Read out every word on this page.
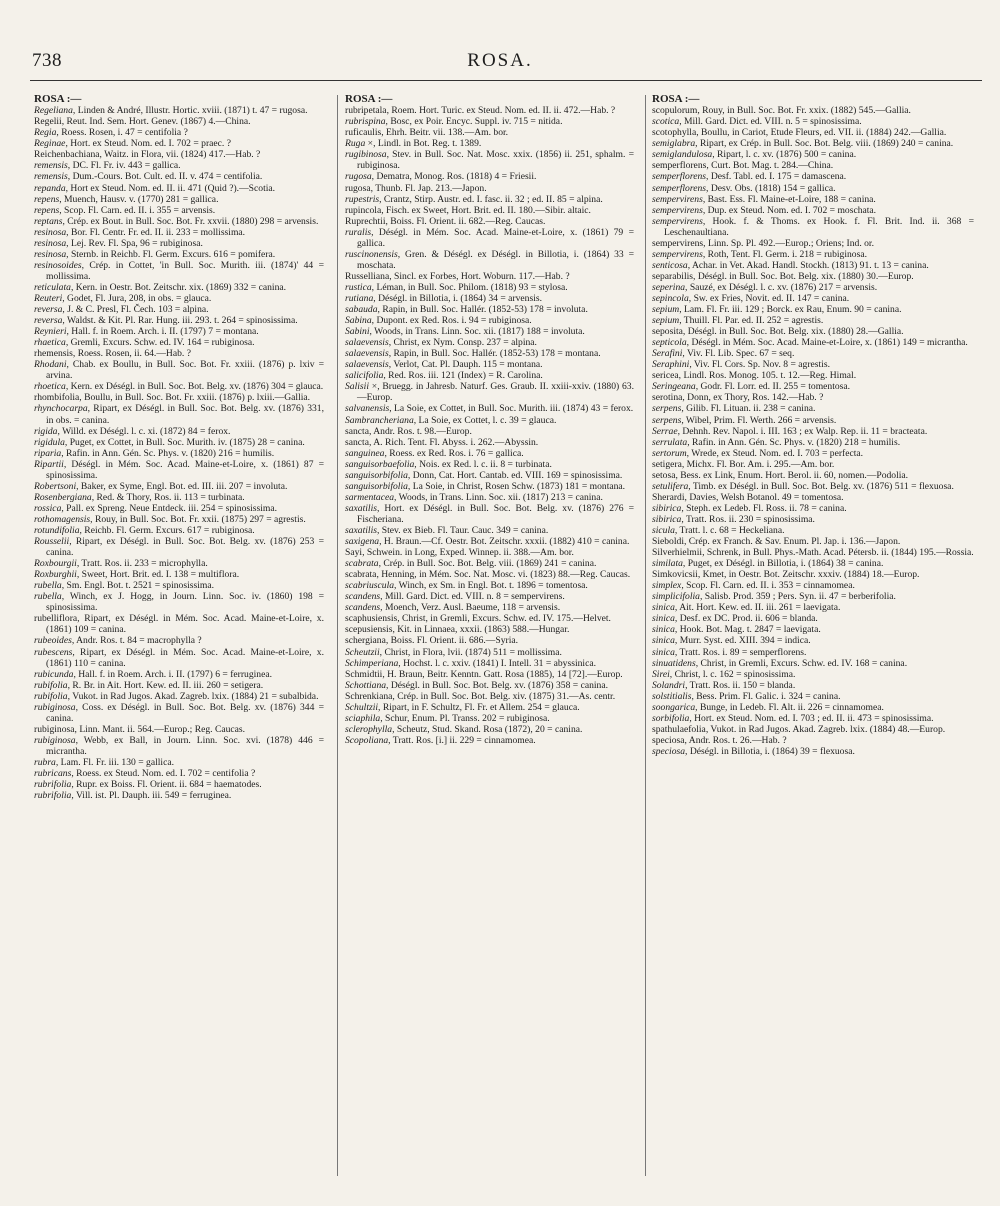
738	ROSA.
ROSA :—
Regeliana, Linden & André, Illustr. Hortic. xviii. (1871) t. 47 = rugosa.
Regelii, Reut. Ind. Sem. Hort. Genev. (1867) 4.—China.
Regia, Roess. Rosen, i. 47 = centifolia ?
Reginae, Hort. ex Steud. Nom. ed. I. 702 = praec. ?
Reichenbachiana, Waitz. in Flora, vii. (1824) 417.—Hab. ?
remensis, DC. Fl. Fr. iv. 443 = gallica.
remensis, Dum.-Cours. Bot. Cult. ed. II. v. 474 = centifolia.
repanda, Hort ex Steud. Nom. ed. II. ii. 471 (Quid ?).—Scotia.
repens, Muench, Hausv. v. (1770) 281 = gallica.
repens, Scop. Fl. Carn. ed. II. i. 355 = arvensis.
reptans, Crép. ex Bout. in Bull. Soc. Bot. Fr. xxvii. (1880) 298 = arvensis.
resinosa, Bor. Fl. Centr. Fr. ed. II. ii. 233 = mollissima.
resinosa, Lej. Rev. Fl. Spa, 96 = rubiginosa.
resinosa, Sternb. in Reichb. Fl. Germ. Excurs. 616 = pomifera.
resinosoides, Crép. in Cottet, 'in Bull. Soc. Murith. iii. (1874)' 44 = mollissima.
reticulata, Kern. in Oestr. Bot. Zeitschr. xix. (1869) 332 = canina.
Reuteri, Godet, Fl. Jura, 208, in obs. = glauca.
reversa, J. & C. Presl, Fl. Čech. 103 = alpina.
reversa, Waldst. & Kit. Pl. Rar. Hung. iii. 293. t. 264 = spinosissima.
Reynieri, Hall. f. in Roem. Arch. i. II. (1797) 7 = montana.
rhaetica, Gremli, Excurs. Schw. ed. IV. 164 = rubiginosa.
rhemensis, Roess. Rosen, ii. 64.—Hab. ?
Rhodani, Chab. ex Boullu, in Bull. Soc. Bot. Fr. xxiii. (1876) p. lxiv = arvina.
rhoetica, Kern. ex Déségl. in Bull. Soc. Bot. Belg. xv. (1876) 304 = glauca.
rhombifolia, Boullu, in Bull. Soc. Bot. Fr. xxiii. (1876) p. lxiii.—Gallia.
rhynchocarpa, Ripart, ex Déségl. in Bull. Soc. Bot. Belg. xv. (1876) 331, in obs. = canina.
rigida, Willd. ex Déségl. l. c. xi. (1872) 84 = ferox.
rigidula, Puget, ex Cottet, in Bull. Soc. Murith. iv. (1875) 28 = canina.
riparia, Rafin. in Ann. Gén. Sc. Phys. v. (1820) 216 = humilis.
Ripartii, Déségl. in Mém. Soc. Acad. Maine-et-Loire, x. (1861) 87 = spinosissima.
Robertsoni, Baker, ex Syme, Engl. Bot. ed. III. iii. 207 = involuta.
Rosenbergiana, Red. & Thory, Ros. ii. 113 = turbinata.
rossica, Pall. ex Spreng. Neue Entdeck. iii. 254 = spinosissima.
rothomagensis, Rouy, in Bull. Soc. Bot. Fr. xxii. (1875) 297 = agrestis.
rotundifolia, Reichb. Fl. Germ. Excurs. 617 = rubiginosa.
Rousselii, Ripart, ex Déségl. in Bull. Soc. Bot. Belg. xv. (1876) 253 = canina.
Roxbourgii, Tratt. Ros. ii. 233 = microphylla.
Roxburghii, Sweet, Hort. Brit. ed. I. 138 = multiflora.
rubella, Sm. Engl. Bot. t. 2521 = spinosissima.
rubella, Winch, ex J. Hogg, in Journ. Linn. Soc. iv. (1860) 198 = spinosissima.
rubelliflora, Ripart, ex Déségl. in Mém. Soc. Acad. Maine-et-Loire, x. (1861) 109 = canina.
rubeoides, Andr. Ros. t. 84 = macrophylla ?
rubescens, Ripart, ex Déségl. in Mém. Soc. Acad. Maine-et-Loire, x. (1861) 110 = canina.
rubicunda, Hall. f. in Roem. Arch. i. II. (1797) 6 = ferruginea.
rubifolia, R. Br. in Ait. Hort. Kew. ed. II. iii. 260 = setigera.
rubifolia, Vukot. in Rad Jugos. Akad. Zagreb. lxix. (1884) 21 = subalbida.
rubiginosa, Coss. ex Déségl. in Bull. Soc. Bot. Belg. xv. (1876) 344 = canina.
rubiginosa, Linn. Mant. ii. 564.—Europ.; Reg. Caucas.
rubiginosa, Webb, ex Ball, in Journ. Linn. Soc. xvi. (1878) 446 = micrantha.
rubra, Lam. Fl. Fr. iii. 130 = gallica.
rubricans, Roess. ex Steud. Nom. ed. I. 702 = centifolia ?
rubrifolia, Rupr. ex Boiss. Fl. Orient. ii. 684 = haematodes.
rubrifolia, Vill. ist. Pl. Dauph. iii. 549 = ferruginea.
ROSA :—
rubripetala, Roem. Hort. Turic. ex Steud. Nom. ed. II. ii. 472.—Hab. ?
rubrispina, Bosc, ex Poir. Encyc. Suppl. iv. 715 = nitida.
ruficaulis, Ehrh. Beitr. vii. 138.—Am. bor.
Ruga ×, Lindl. in Bot. Reg. t. 1389.
rugibinosa, Stev. in Bull. Soc. Nat. Mosc. xxix. (1856) ii. 251, sphalm. = rubiginosa.
rugosa, Dematra, Monog. Ros. (1818) 4 = Friesii.
rugosa, Thunb. Fl. Jap. 213.—Japon.
rupestris, Crantz, Stirp. Austr. ed. I. fasc. ii. 32 ; ed. II. 85 = alpina.
rupincola, Fisch. ex Sweet, Hort. Brit. ed. II. 180.—Sibir. altaic.
Ruprechtii, Boiss. Fl. Orient. ii. 682.—Reg. Caucas.
ruralis, Déségl. in Mém. Soc. Acad. Maine-et-Loire, x. (1861) 79 = gallica.
ruscinonensis, Gren. & Déségl. ex Déségl. in Billotia, i. (1864) 33 = moschata.
Russelliana, Sincl. ex Forbes, Hort. Woburn. 117.—Hab. ?
rustica, Léman, in Bull. Soc. Philom. (1818) 93 = stylosa.
rutiana, Déségl. in Billotia, i. (1864) 34 = arvensis.
sabauda, Rapin, in Bull. Soc. Hallér. (1852-53) 178 = involuta.
Sabina, Dupont. ex Red. Ros. i. 94 = rubiginosa.
Sabini, Woods, in Trans. Linn. Soc. xii. (1817) 188 = involuta.
salaevensis, Christ, ex Nym. Consp. 237 = alpina.
salaevensis, Rapin, in Bull. Soc. Hallér. (1852-53) 178 = montana.
salaevensis, Verlot, Cat. Pl. Dauph. 115 = montana.
salicifolia, Red. Ros. iii. 121 (Index) = R. Carolina.
Salisii ×, Bruegg. in Jahresb. Naturf. Ges. Graub. II. xxiii-xxiv. (1880) 63.—Europ.
salvanensis, La Soie, ex Cottet, in Bull. Soc. Murith. iii. (1874) 43 = ferox.
Sambrancheriana, La Soie, ex Cottet, l. c. 39 = glauca.
sancta, Andr. Ros. t. 98.—Europ.
sancta, A. Rich. Tent. Fl. Abyss. i. 262.—Abyssin.
sanguinea, Roess. ex Red. Ros. i. 76 = gallica.
sanguisorbaefolia, Nois. ex Red. l. c. ii. 8 = turbinata.
sanguisorbifolia, Donn, Cat. Hort. Cantab. ed. VIII. 169 = spinosissima.
sanguisorbifolia, La Soie, in Christ, Rosen Schw. (1873) 181 = montana.
sarmentacea, Woods, in Trans. Linn. Soc. xii. (1817) 213 = canina.
saxatilis, Hort. ex Déségl. in Bull. Soc. Bot. Belg. xv. (1876) 276 = Fischeriana.
saxatilis, Stev. ex Bieb. Fl. Taur. Cauc. 349 = canina.
saxigena, H. Braun.—Cf. Oestr. Bot. Zeitschr. xxxii. (1882) 410 = canina.
Sayi, Schwein. in Long, Exped. Winnep. ii. 388.—Am. bor.
scabrata, Crép. in Bull. Soc. Bot. Belg. viii. (1869) 241 = canina.
scabrata, Henning, in Mém. Soc. Nat. Mosc. vi. (1823) 88.—Reg. Caucas.
scabriuscula, Winch, ex Sm. in Engl. Bot. t. 1896 = tomentosa.
scandens, Mill. Gard. Dict. ed. VIII. n. 8 = sempervirens.
scandens, Moench, Verz. Ausl. Baeume, 118 = arvensis.
scaphusiensis, Christ, in Gremli, Excurs. Schw. ed. IV. 175.—Helvet.
scepusiensis, Kit. in Linnaea, xxxii. (1863) 588.—Hungar.
schergiana, Boiss. Fl. Orient. ii. 686.—Syria.
Scheutzii, Christ, in Flora, lvii. (1874) 511 = mollissima.
Schimperiana, Hochst. l. c. xxiv. (1841) I. Intell. 31 = abyssinica.
Schmidtii, H. Braun, Beitr. Kenntn. Gatt. Rosa (1885), 14 [72].—Europ.
Schottiana, Déségl. in Bull. Soc. Bot. Belg. xv. (1876) 358 = canina.
Schrenkiana, Crép. in Bull. Soc. Bot. Belg. xiv. (1875) 31.—As. centr.
Schultzii, Ripart, in F. Schultz, Fl. Fr. et Allem. 254 = glauca.
sciaphila, Schur, Enum. Pl. Transs. 202 = rubiginosa.
sclerophylla, Scheutz, Stud. Skand. Rosa (1872), 20 = canina.
Scopoliana, Tratt. Ros. [i.] ii. 229 = cinnamomea.
ROSA :—
scopulorum, Rouy, in Bull. Soc. Bot. Fr. xxix. (1882) 545.—Gallia.
scotica, Mill. Gard. Dict. ed. VIII. n. 5 = spinosissima.
scotophylla, Boullu, in Cariot, Etude Fleurs, ed. VII. ii. (1884) 242.—Gallia.
semiglabra, Ripart, ex Crép. in Bull. Soc. Bot. Belg. viii. (1869) 240 = canina.
semiglandulosa, Ripart, l. c. xv. (1876) 500 = canina.
semperflorens, Curt. Bot. Mag. t. 284.—China.
semperflorens, Desf. Tabl. ed. I. 175 = damascena.
semperflorens, Desv. Obs. (1818) 154 = gallica.
sempervirens, Bast. Ess. Fl. Maine-et-Loire, 188 = canina.
sempervirens, Dup. ex Steud. Nom. ed. I. 702 = moschata.
sempervirens, Hook. f. & Thoms. ex Hook. f. Fl. Brit. Ind. ii. 368 = Leschenaultiana.
sempervirens, Linn. Sp. Pl. 492.—Europ.; Oriens; Ind. or.
sempervirens, Roth, Tent. Fl. Germ. i. 218 = rubiginosa.
senticosa, Achar. in Vet. Akad. Handl. Stockh. (1813) 91. t. 13 = canina.
separabilis, Déségl. in Bull. Soc. Bot. Belg. xix. (1880) 30.—Europ.
seperina, Sauzé, ex Déségl. l. c. xv. (1876) 217 = arvensis.
sepincola, Sw. ex Fries, Novit. ed. II. 147 = canina.
sepium, Lam. Fl. Fr. iii. 129 ; Borck. ex Rau, Enum. 90 = canina.
sepium, Thuill. Fl. Par. ed. II. 252 = agrestis.
seposita, Déségl. in Bull. Soc. Bot. Belg. xix. (1880) 28.—Gallia.
septicola, Déségl. in Mém. Soc. Acad. Maine-et-Loire, x. (1861) 149 = micrantha.
Serafini, Viv. Fl. Lib. Spec. 67 = seq.
Seraphini, Viv. Fl. Cors. Sp. Nov. 8 = agrestis.
sericea, Lindl. Ros. Monog. 105. t. 12.—Reg. Himal.
Seringeana, Godr. Fl. Lorr. ed. II. 255 = tomentosa.
serotina, Donn, ex Thory, Ros. 142.—Hab. ?
serpens, Gilib. Fl. Lituan. ii. 238 = canina.
serpens, Wibel, Prim. Fl. Werth. 266 = arvensis.
Serrae, Dehnh. Rev. Napol. i. III. 163 ; ex Walp. Rep. ii. 11 = bracteata.
serrulata, Rafin. in Ann. Gén. Sc. Phys. v. (1820) 218 = humilis.
sertorum, Wrede, ex Steud. Nom. ed. I. 703 = perfecta.
setigera, Michx. Fl. Bor. Am. i. 295.—Am. bor.
setosa, Bess. ex Link, Enum. Hort. Berol. ii. 60, nomen.—Podolia.
setulifera, Timb. ex Déségl. in Bull. Soc. Bot. Belg. xv. (1876) 511 = flexuosa.
Sherardi, Davies, Welsh Botanol. 49 = tomentosa.
sibirica, Steph. ex Ledeb. Fl. Ross. ii. 78 = canina.
sibirica, Tratt. Ros. ii. 230 = spinosissima.
sicula, Tratt. l. c. 68 = Heckeliana.
Sieboldi, Crép. ex Franch. & Sav. Enum. Pl. Jap. i. 136.—Japon.
Silverhielmii, Schrenk, in Bull. Phys.-Math. Acad. Pétersb. ii. (1844) 195.—Rossia.
similata, Puget, ex Déségl. in Billotia, i. (1864) 38 = canina.
Simkovicsii, Kmet, in Oestr. Bot. Zeitschr. xxxiv. (1884) 18.—Europ.
simplex, Scop. Fl. Carn. ed. II. i. 353 = cinnamomea.
simplicifolia, Salisb. Prod. 359 ; Pers. Syn. ii. 47 = berberifolia.
sinica, Ait. Hort. Kew. ed. II. iii. 261 = laevigata.
sinica, Desf. ex DC. Prod. ii. 606 = blanda.
sinica, Hook. Bot. Mag. t. 2847 = laevigata.
sinica, Murr. Syst. ed. XIII. 394 = indica.
sinica, Tratt. Ros. i. 89 = semperflorens.
sinuatidens, Christ, in Gremli, Excurs. Schw. ed. IV. 168 = canina.
Sirei, Christ, l. c. 162 = spinosissima.
Solandri, Tratt. Ros. ii. 150 = blanda.
solstitialis, Bess. Prim. Fl. Galic. i. 324 = canina.
soongarica, Bunge, in Ledeb. Fl. Alt. ii. 226 = cinnamomea.
sorbifolia, Hort. ex Steud. Nom. ed. I. 703 ; ed. II. ii. 473 = spinosissima.
spathulaefolia, Vukot. in Rad Jugos. Akad. Zagreb. lxix. (1884) 48.—Europ.
speciosa, Andr. Ros. t. 26.—Hab. ?
speciosa, Déségl. in Billotia, i. (1864) 39 = flexuosa.
